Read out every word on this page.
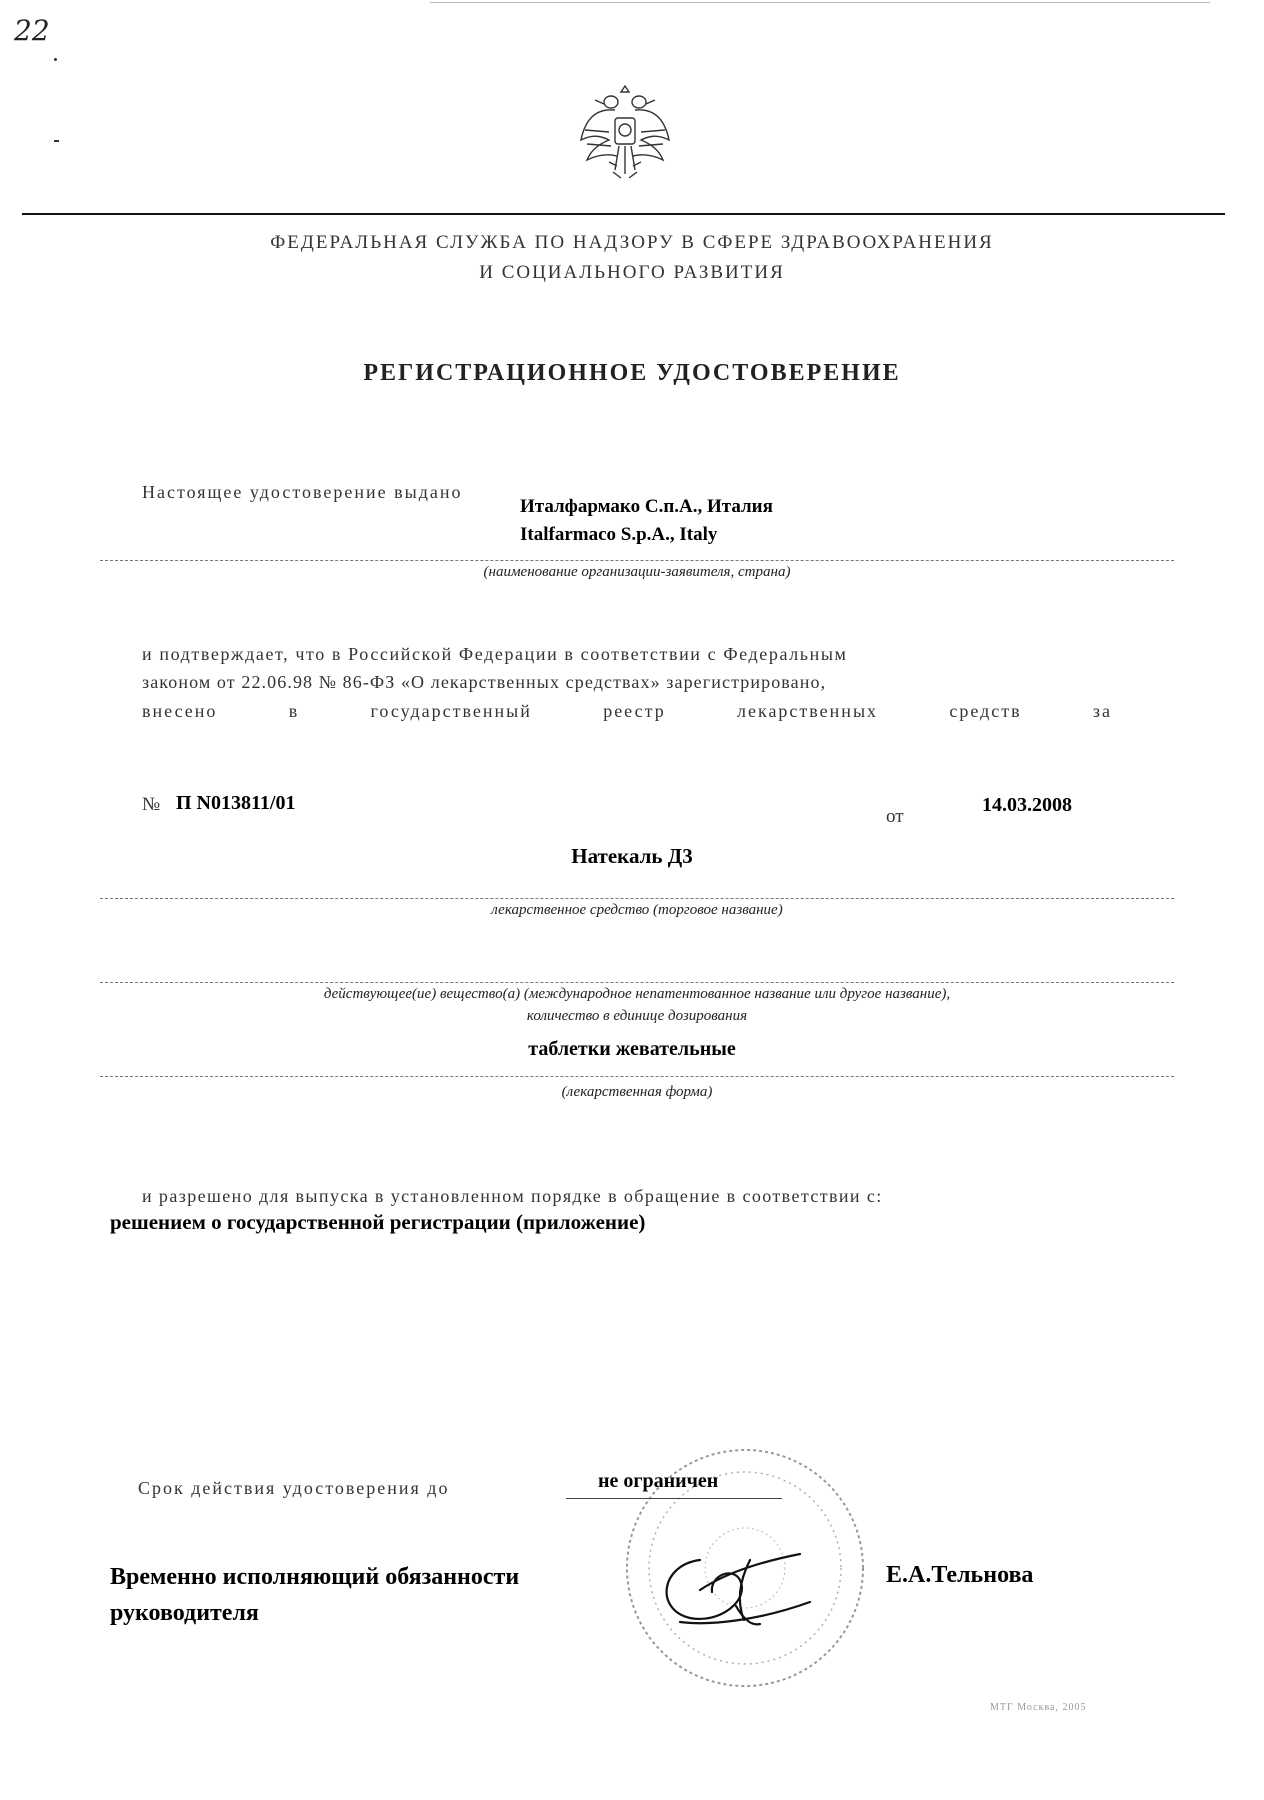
22
ФЕДЕРАЛЬНАЯ СЛУЖБА ПО НАДЗОРУ В СФЕРЕ ЗДРАВООХРАНЕНИЯ
И СОЦИАЛЬНОГО РАЗВИТИЯ
РЕГИСТРАЦИОННОЕ УДОСТОВЕРЕНИЕ
Настоящее удостоверение выдано
Италфармако С.п.А., Италия
Italfarmaco S.p.A., Italy
(наименование организации-заявителя, страна)
и подтверждает, что в Российской Федерации в соответствии с Федеральным
законом от 22.06.98 № 86-ФЗ «О лекарственных средствах» зарегистрировано,
внесено	в	государственный	реестр	лекарственных	средств	за
№ П N013811/01
от
14.03.2008
Натекаль Д3
лекарственное средство (торговое название)
действующее(ие) вещество(а) (международное непатентованное название или другое название),
количество в единице дозирования
таблетки жевательные
(лекарственная форма)
и разрешено для выпуска в установленном порядке в обращение в соответствии с:
решением о государственной регистрации (приложение)
Срок действия удостоверения до	не ограничен
Временно исполняющий обязанности
руководителя
Е.А.Тельнова
МТГ Москва, 2005
